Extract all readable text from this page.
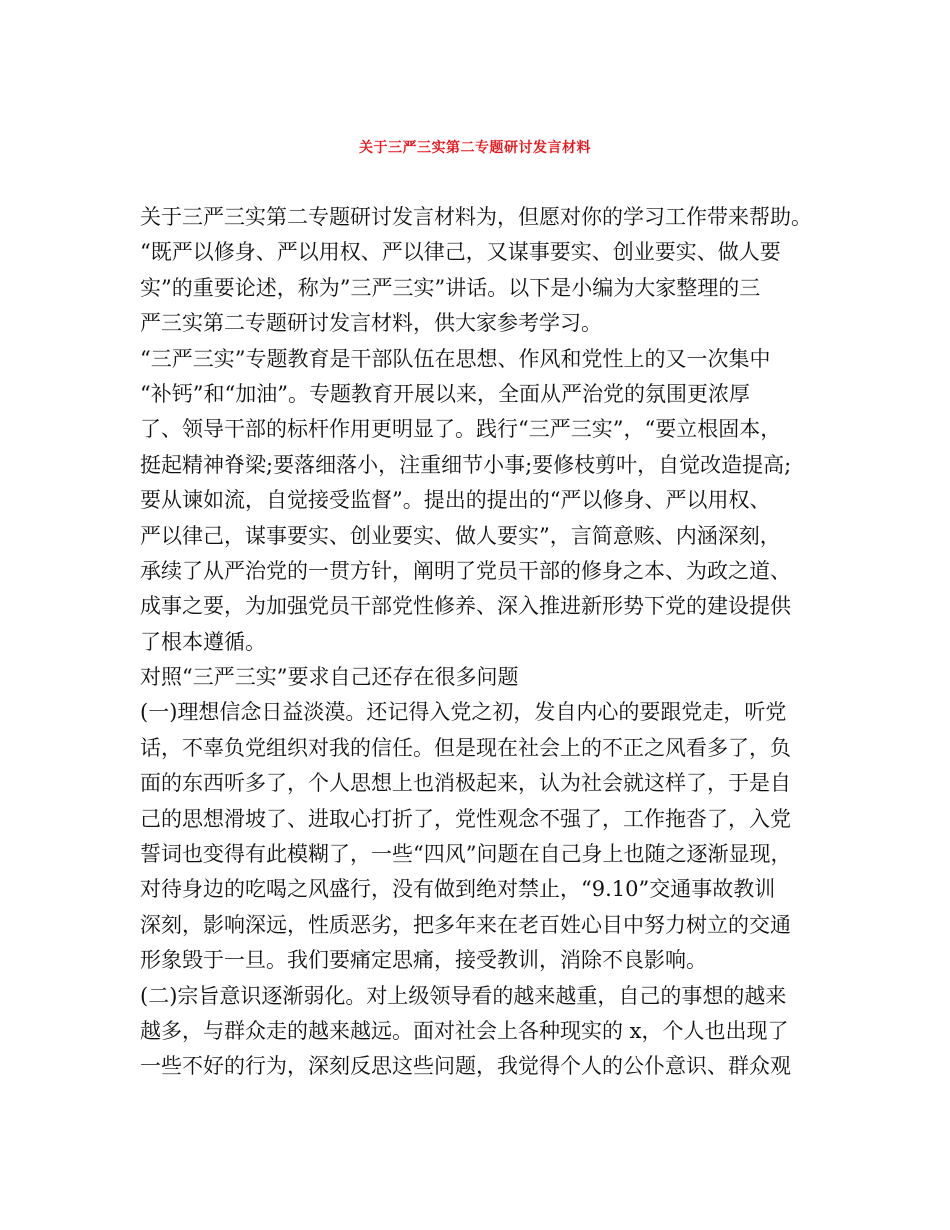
关于三严三实第二专题研讨发言材料
关于三严三实第二专题研讨发言材料为，但愿对你的学习工作带来帮助。
“既严以修身、严以用权、严以律己，又谋事要实、创业要实、做人要
实”的重要论述，称为”三严三实”讲话。以下是小编为大家整理的三
严三实第二专题研讨发言材料，供大家参考学习。
“三严三实”专题教育是干部队伍在思想、作风和党性上的又一次集中
“补钙”和“加油”。专题教育开展以来，全面从严治党的氛围更浓厚
了、领导干部的标杆作用更明显了。践行“三严三实”，“要立根固本，
挺起精神脊梁;要落细落小，注重细节小事;要修枝剪叶，自觉改造提高;
要从谏如流，自觉接受监督”。提出的提出的“严以修身、严以用权、
严以律己，谋事要实、创业要实、做人要实”，言简意赅、内涵深刻，
承续了从严治党的一贯方针，阐明了党员干部的修身之本、为政之道、
成事之要，为加强党员干部党性修养、深入推进新形势下党的建设提供
了根本遵循。
对照“三严三实”要求自己还存在很多问题
(一)理想信念日益淡漠。还记得入党之初，发自内心的要跟党走，听党
话，不辜负党组织对我的信任。但是现在社会上的不正之风看多了，负
面的东西听多了，个人思想上也消极起来，认为社会就这样了，于是自
己的思想滑坡了、进取心打折了，党性观念不强了，工作拖沓了，入党
誓词也变得有此模糊了，一些“四风”问题在自己身上也随之逐渐显现，
对待身边的吃喝之风盛行，没有做到绝对禁止，“9.10”交通事故教训
深刻，影响深远，性质恶劣，把多年来在老百姓心目中努力树立的交通
形象毁于一旦。我们要痛定思痛，接受教训，消除不良影响。
(二)宗旨意识逐渐弱化。对上级领导看的越来越重，自己的事想的越来
越多，与群众走的越来越远。面对社会上各种现实的 x，个人也出现了
一些不好的行为，深刻反思这些问题，我觉得个人的公仆意识、群众观
